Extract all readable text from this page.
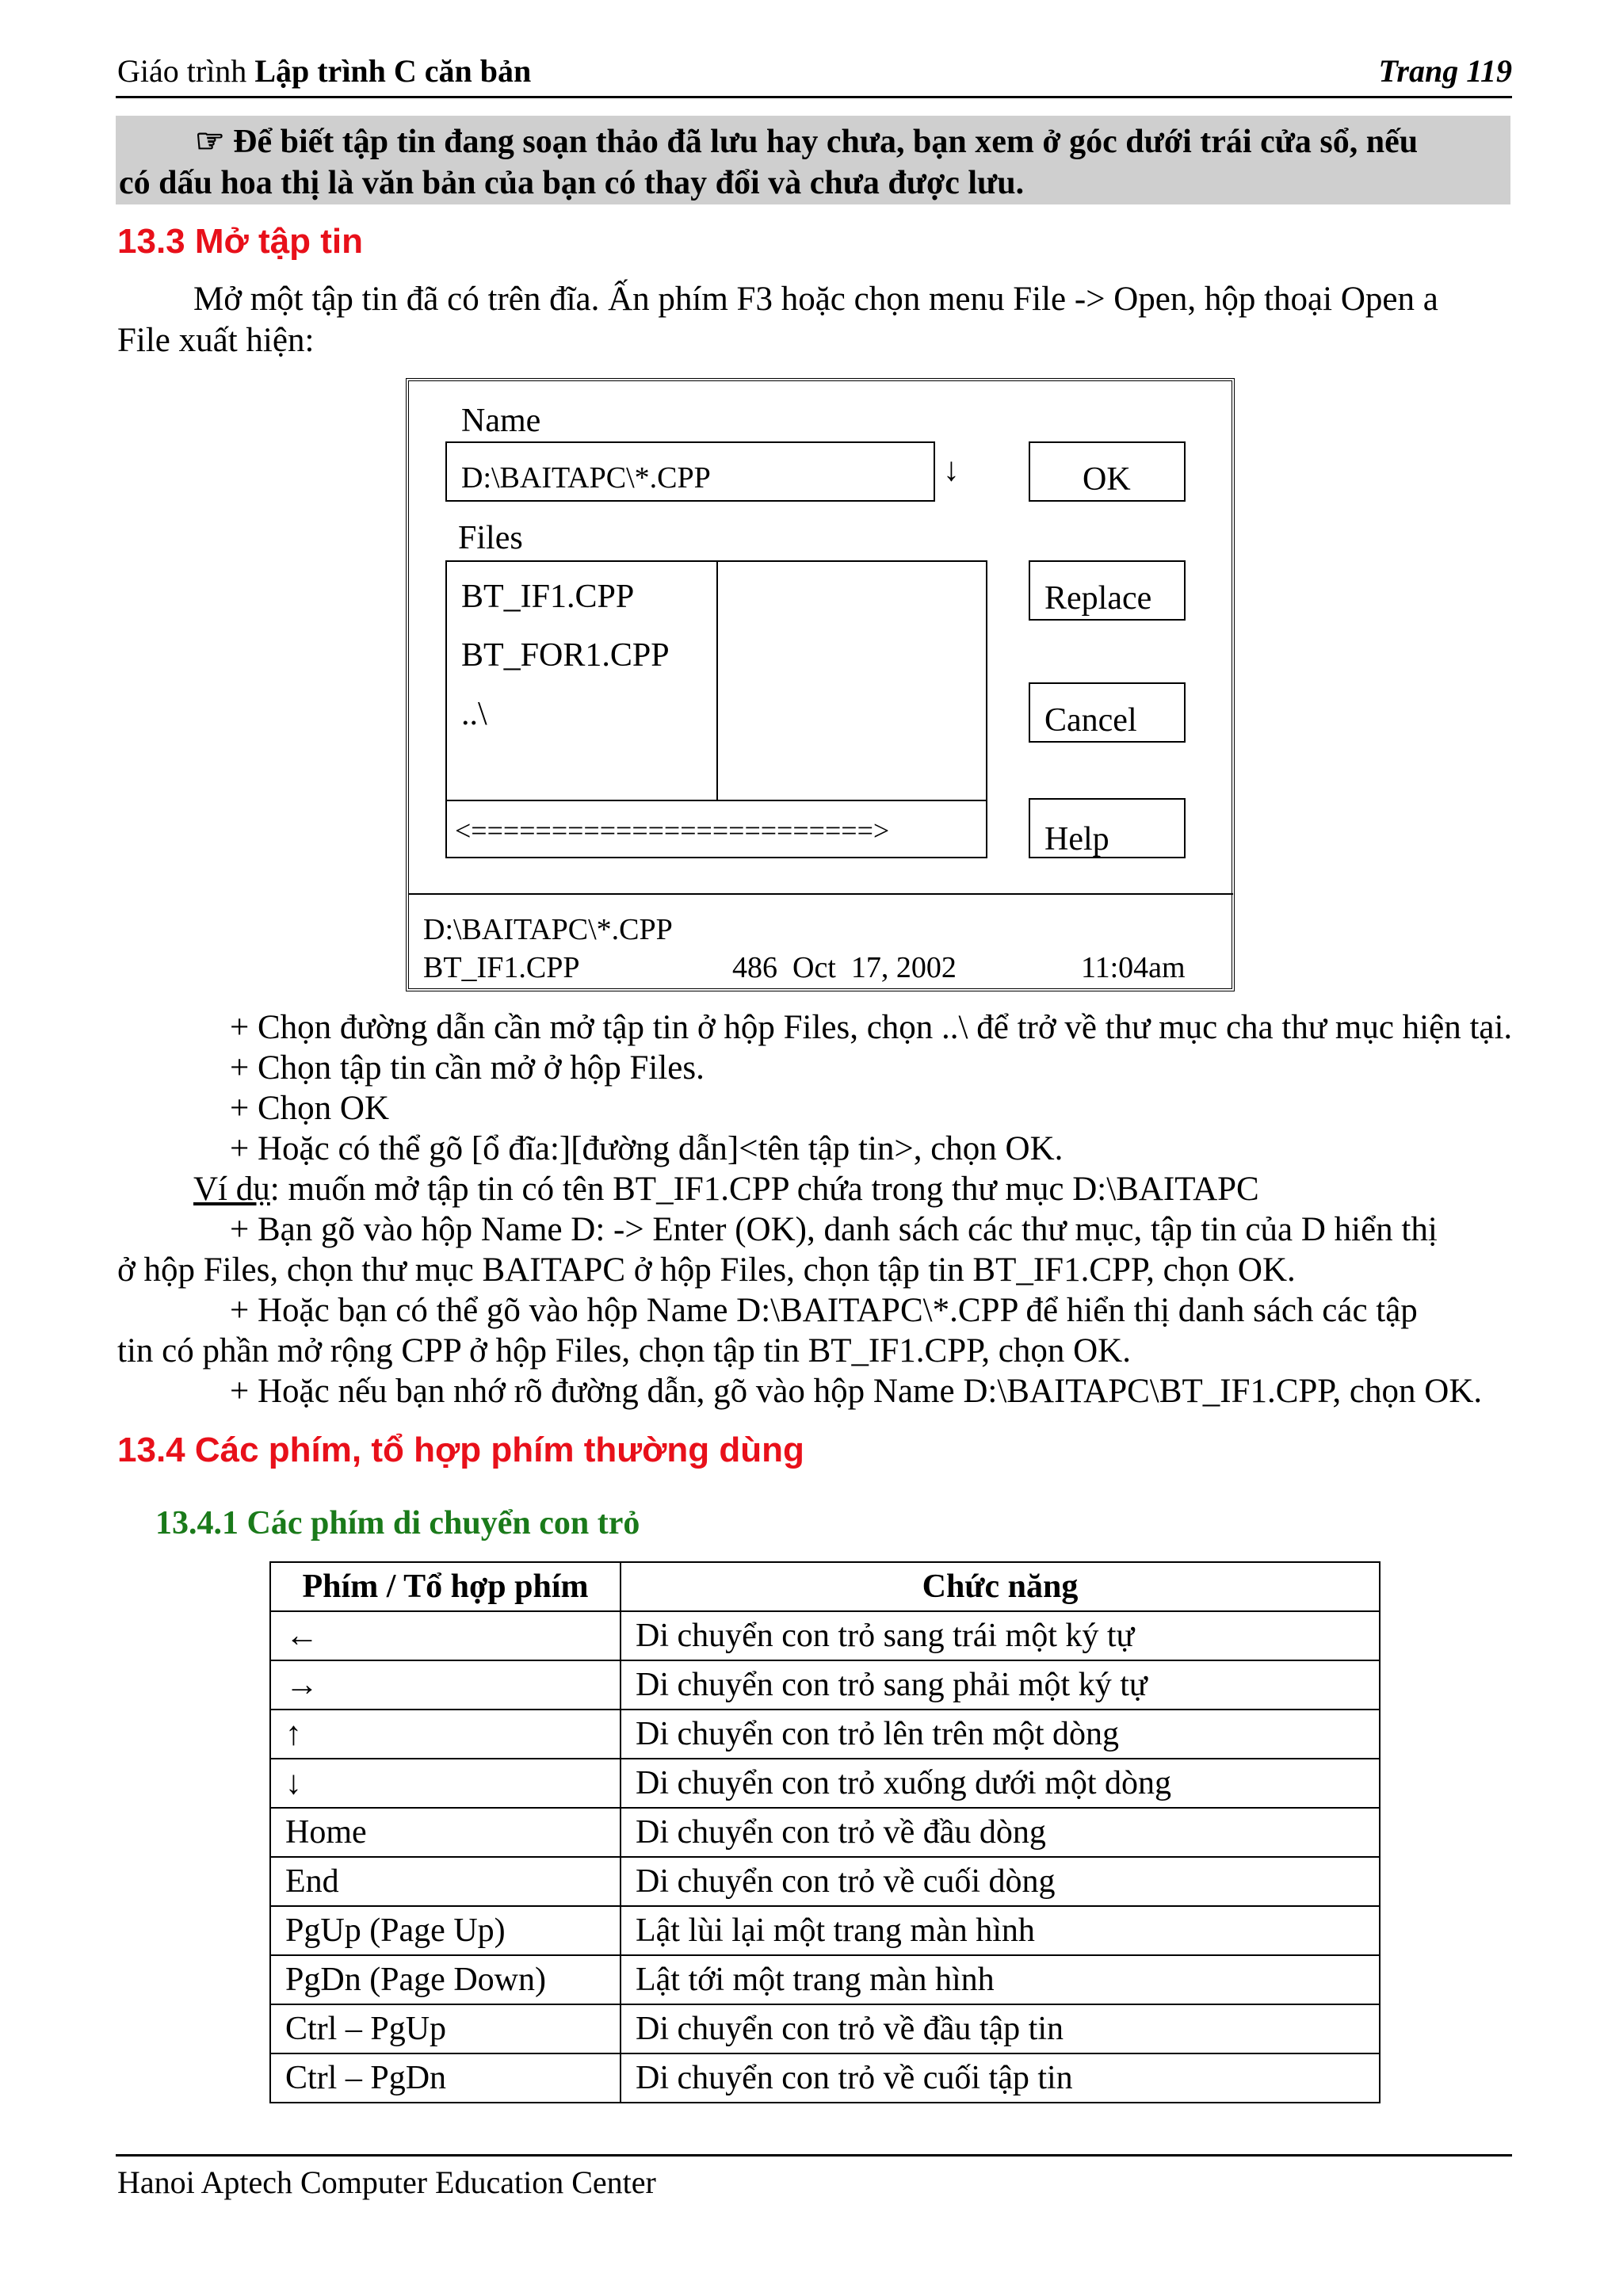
Giáo trình Lập trình C căn bản	Trang 119
☞ Để biết tập tin đang soạn thảo đã lưu hay chưa, bạn xem ở góc dưới trái cửa sổ, nếu
có dấu hoa thị là văn bản của bạn có thay đổi và chưa được lưu.
13.3 Mở tập tin

Mở một tập tin đã có trên đĩa. Ấn phím F3 hoặc chọn menu File -> Open, hộp thoại Open a

File xuất hiện:

Name
D:\BAITAPC\*.CPP	↓	OK
Files
BT_IF1.CPP
BT_FOR1.CPP
..\
<=========================>
Replace
Cancel
Help
D:\BAITAPC\*.CPP
BT_IF1.CPP	486  Oct  17, 2002	11:04am

+ Chọn đường dẫn cần mở tập tin ở hộp Files, chọn ..\ để trở về thư mục cha thư mục hiện tại.

+ Chọn tập tin cần mở ở hộp Files.

+ Chọn OK

+ Hoặc có thể gõ [ổ đĩa:][đường dẫn]<tên tập tin>, chọn OK.

Ví dụ: muốn mở tập tin có tên BT_IF1.CPP chứa trong thư mục D:\BAITAPC

+ Bạn gõ vào hộp Name D: -> Enter (OK), danh sách các thư mục, tập tin của D hiển thị

ở hộp Files, chọn thư mục BAITAPC ở hộp Files, chọn tập tin BT_IF1.CPP, chọn OK.

+ Hoặc bạn có thể gõ vào hộp Name D:\BAITAPC\*.CPP để hiển thị danh sách các tập

tin có phần mở rộng CPP ở hộp Files, chọn tập tin BT_IF1.CPP, chọn OK.

+ Hoặc nếu bạn nhớ rõ đường dẫn, gõ vào hộp Name D:\BAITAPC\BT_IF1.CPP, chọn OK.

13.4 Các phím, tổ hợp phím thường dùng
13.4.1 Các phím di chuyển con trỏ
Phím / Tổ hợp phím	Chức năng
←	Di chuyển con trỏ sang trái một ký tự
→	Di chuyển con trỏ sang phải một ký tự
↑	Di chuyển con trỏ lên trên một dòng
↓	Di chuyển con trỏ xuống dưới một dòng
Home	Di chuyển con trỏ về đầu dòng
End	Di chuyển con trỏ về cuối dòng
PgUp (Page Up)	Lật lùi lại một trang màn hình
PgDn (Page Down)	Lật tới một trang màn hình
Ctrl – PgUp	Di chuyển con trỏ về đầu tập tin
Ctrl – PgDn	Di chuyển con trỏ về cuối tập tin
Hanoi Aptech Computer Education Center
